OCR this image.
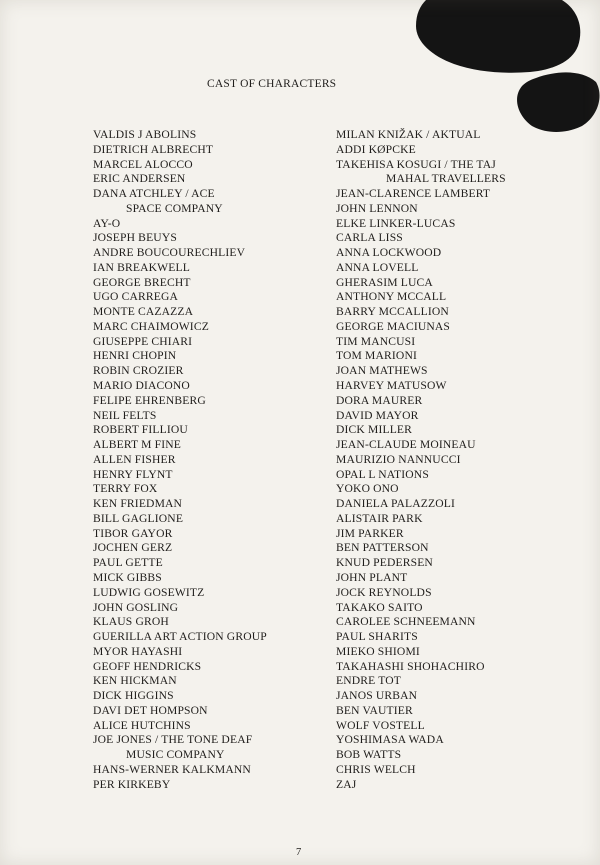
CAST OF CHARACTERS
VALDIS J ABOLINS
DIETRICH ALBRECHT
MARCEL ALOCCO
ERIC ANDERSEN
DANA ATCHLEY / ACE
SPACE COMPANY
AY-O
JOSEPH BEUYS
ANDRE BOUCOURECHLIEV
IAN BREAKWELL
GEORGE BRECHT
UGO CARREGA
MONTE CAZAZZA
MARC CHAIMOWICZ
GIUSEPPE CHIARI
HENRI CHOPIN
ROBIN CROZIER
MARIO DIACONO
FELIPE EHRENBERG
NEIL FELTS
ROBERT FILLIOU
ALBERT M FINE
ALLEN FISHER
HENRY FLYNT
TERRY FOX
KEN FRIEDMAN
BILL GAGLIONE
TIBOR GAYOR
JOCHEN GERZ
PAUL GETTE
MICK GIBBS
LUDWIG GOSEWITZ
JOHN GOSLING
KLAUS GROH
GUERILLA ART ACTION GROUP
MYOR HAYASHI
GEOFF HENDRICKS
KEN HICKMAN
DICK HIGGINS
DAVI DET HOMPSON
ALICE HUTCHINS
JOE JONES / THE TONE DEAF
MUSIC COMPANY
HANS-WERNER KALKMANN
PER KIRKEBY
MILAN KNIŽAK / AKTUAL
ADDI KØPCKE
TAKEHISA KOSUGI / THE TAJ
MAHAL TRAVELLERS
JEAN-CLARENCE LAMBERT
JOHN LENNON
ELKE LINKER-LUCAS
CARLA LISS
ANNA LOCKWOOD
ANNA LOVELL
GHERASIM LUCA
ANTHONY MCCALL
BARRY MCCALLION
GEORGE MACIUNAS
TIM MANCUSI
TOM MARIONI
JOAN MATHEWS
HARVEY MATUSOW
DORA MAURER
DAVID MAYOR
DICK MILLER
JEAN-CLAUDE MOINEAU
MAURIZIO NANNUCCI
OPAL L NATIONS
YOKO ONO
DANIELA PALAZZOLI
ALISTAIR PARK
JIM PARKER
BEN PATTERSON
KNUD PEDERSEN
JOHN PLANT
JOCK REYNOLDS
TAKAKO SAITO
CAROLEE SCHNEEMANN
PAUL SHARITS
MIEKO SHIOMI
TAKAHASHI SHOHACHIRO
ENDRE TOT
JANOS URBAN
BEN VAUTIER
WOLF VOSTELL
YOSHIMASA WADA
BOB WATTS
CHRIS WELCH
ZAJ
7
